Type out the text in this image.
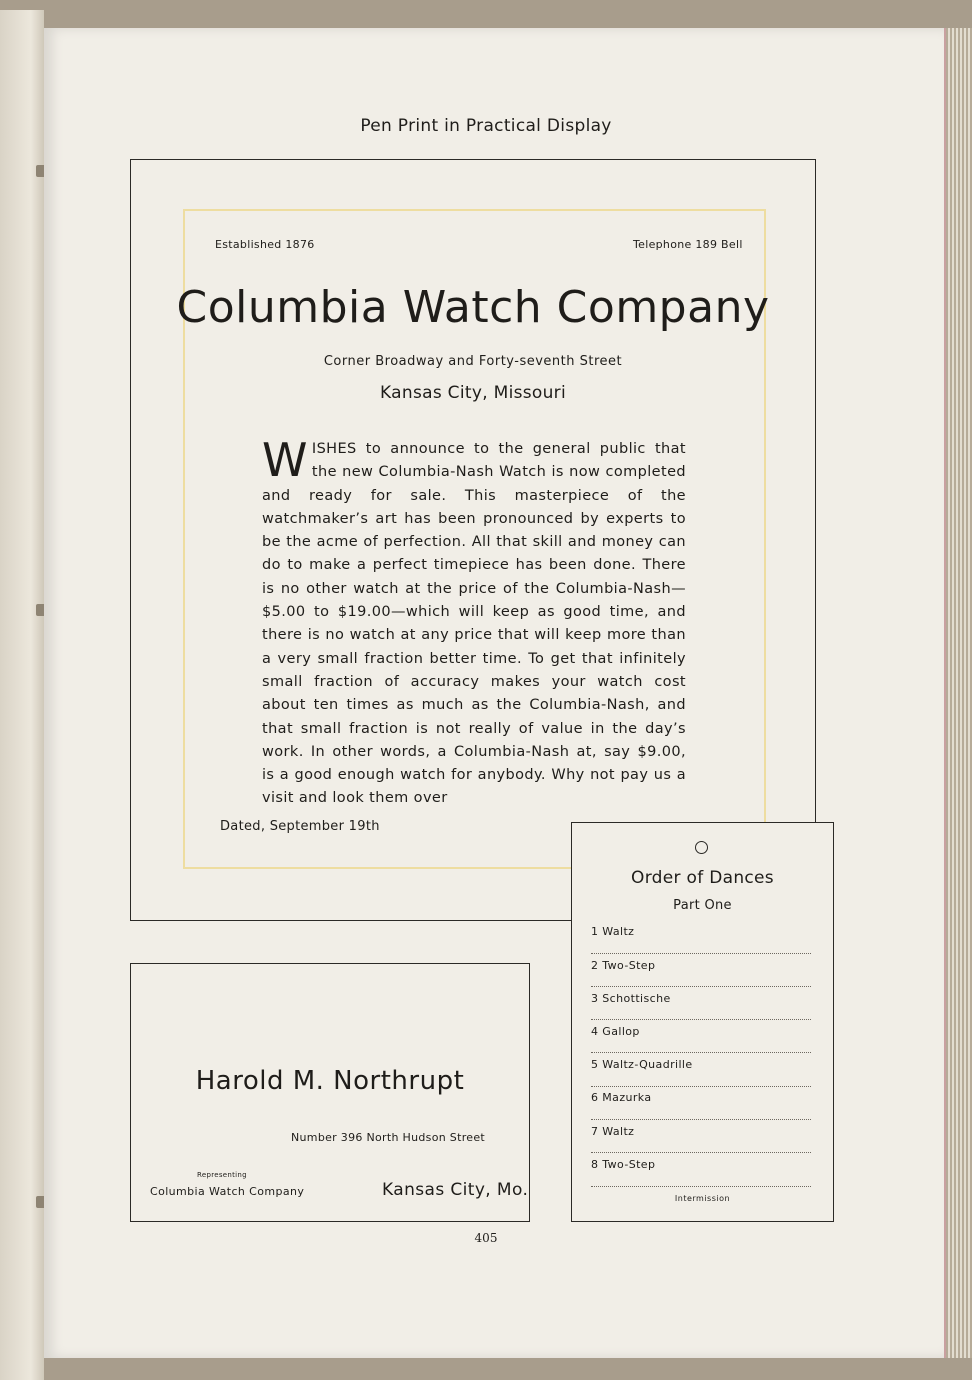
Pen Print in Practical Display
Established 1876	Telephone 189 Bell
Columbia Watch Company
Corner Broadway and Forty-seventh Street
Kansas City, Missouri
WISHES to announce to the general public that the new Columbia-Nash Watch is now completed and ready for sale. This masterpiece of the watchmaker’s art has been pronounced by experts to be the acme of perfection. All that skill and money can do to make a perfect timepiece has been done. There is no other watch at the price of the Columbia-Nash—$5.00 to $19.00—which will keep as good time, and there is no watch at any price that will keep more than a very small fraction better time. To get that infinitely small fraction of accuracy makes your watch cost about ten times as much as the Columbia-Nash, and that small fraction is not really of value in the day’s work. In other words, a Columbia-Nash at, say $9.00, is a good enough watch for anybody. Why not pay us a visit and look them over
Dated, September 19th
Harold M. Northrupt
Number 396 North Hudson Street
Representing
Columbia Watch Company	Kansas City, Mo.
Order of Dances
Part One
1 Waltz
2 Two-Step
3 Schottische
4 Gallop
5 Waltz-Quadrille
6 Mazurka
7 Waltz
8 Two-Step
Intermission
405
